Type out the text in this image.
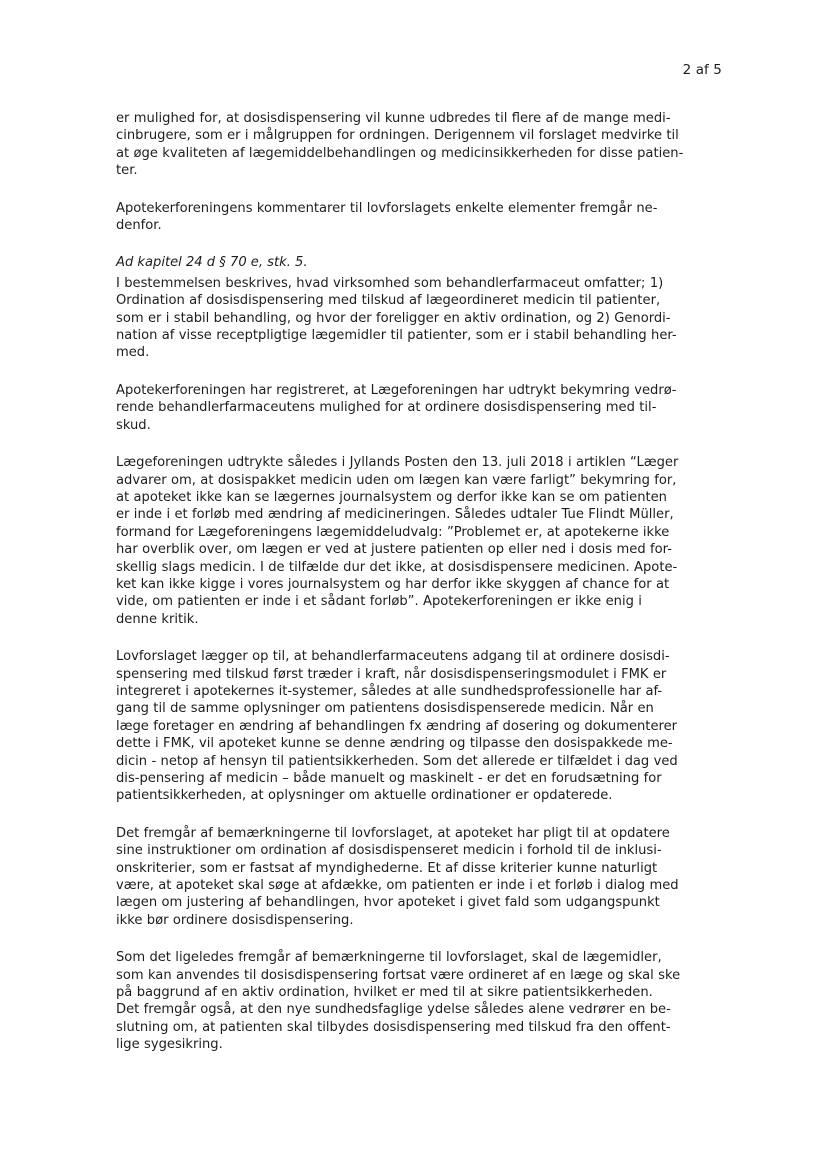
2 af 5

er mulighed for, at dosisdispensering vil kunne udbredes til flere af de mange medi-
cinbrugere, som er i målgruppen for ordningen. Derigennem vil forslaget medvirke til
at øge kvaliteten af lægemiddelbehandlingen og medicinsikkerheden for disse patien-
ter.

Apotekerforeningens kommentarer til lovforslagets enkelte elementer fremgår ne-
denfor.

Ad kapitel 24 d § 70 e, stk. 5.

I bestemmelsen beskrives, hvad virksomhed som behandlerfarmaceut omfatter; 1)
Ordination af dosisdispensering med tilskud af lægeordineret medicin til patienter,
som er i stabil behandling, og hvor der foreligger en aktiv ordination, og 2) Genordi-
nation af visse receptpligtige lægemidler til patienter, som er i stabil behandling her-
med.

Apotekerforeningen har registreret, at Lægeforeningen har udtrykt bekymring vedrø-
rende behandlerfarmaceutens mulighed for at ordinere dosisdispensering med til-
skud.

Lægeforeningen udtrykte således i Jyllands Posten den 13. juli 2018 i artiklen “Læger
advarer om, at dosispakket medicin uden om lægen kan være farligt” bekymring for,
at apoteket ikke kan se lægernes journalsystem og derfor ikke kan se om patienten
er inde i et forløb med ændring af medicineringen. Således udtaler Tue Flindt Müller,
formand for Lægeforeningens lægemiddeludvalg: ”Problemet er, at apotekerne ikke
har overblik over, om lægen er ved at justere patienten op eller ned i dosis med for-
skellig slags medicin. I de tilfælde dur det ikke, at dosisdispensere medicinen. Apote-
ket kan ikke kigge i vores journalsystem og har derfor ikke skyggen af chance for at
vide, om patienten er inde i et sådant forløb”. Apotekerforeningen er ikke enig i
denne kritik.

Lovforslaget lægger op til, at behandlerfarmaceutens adgang til at ordinere dosisdi-
spensering med tilskud først træder i kraft, når dosisdispenseringsmodulet i FMK er
integreret i apotekernes it-systemer, således at alle sundhedsprofessionelle har af-
gang til de samme oplysninger om patientens dosisdispenserede medicin. Når en
læge foretager en ændring af behandlingen fx ændring af dosering og dokumenterer
dette i FMK, vil apoteket kunne se denne ændring og tilpasse den dosispakkede me-
dicin - netop af hensyn til patientsikkerheden. Som det allerede er tilfældet i dag ved
dis-pensering af medicin – både manuelt og maskinelt - er det en forudsætning for
patientsikkerheden, at oplysninger om aktuelle ordinationer er opdaterede.

Det fremgår af bemærkningerne til lovforslaget, at apoteket har pligt til at opdatere
sine instruktioner om ordination af dosisdispenseret medicin i forhold til de inklusi-
onskriterier, som er fastsat af myndighederne. Et af disse kriterier kunne naturligt
være, at apoteket skal søge at afdække, om patienten er inde i et forløb i dialog med
lægen om justering af behandlingen, hvor apoteket i givet fald som udgangspunkt
ikke bør ordinere dosisdispensering.

Som det ligeledes fremgår af bemærkningerne til lovforslaget, skal de lægemidler,
som kan anvendes til dosisdispensering fortsat være ordineret af en læge og skal ske
på baggrund af en aktiv ordination, hvilket er med til at sikre patientsikkerheden.
Det fremgår også, at den nye sundhedsfaglige ydelse således alene vedrører en be-
slutning om, at patienten skal tilbydes dosisdispensering med tilskud fra den offent-
lige sygesikring.
